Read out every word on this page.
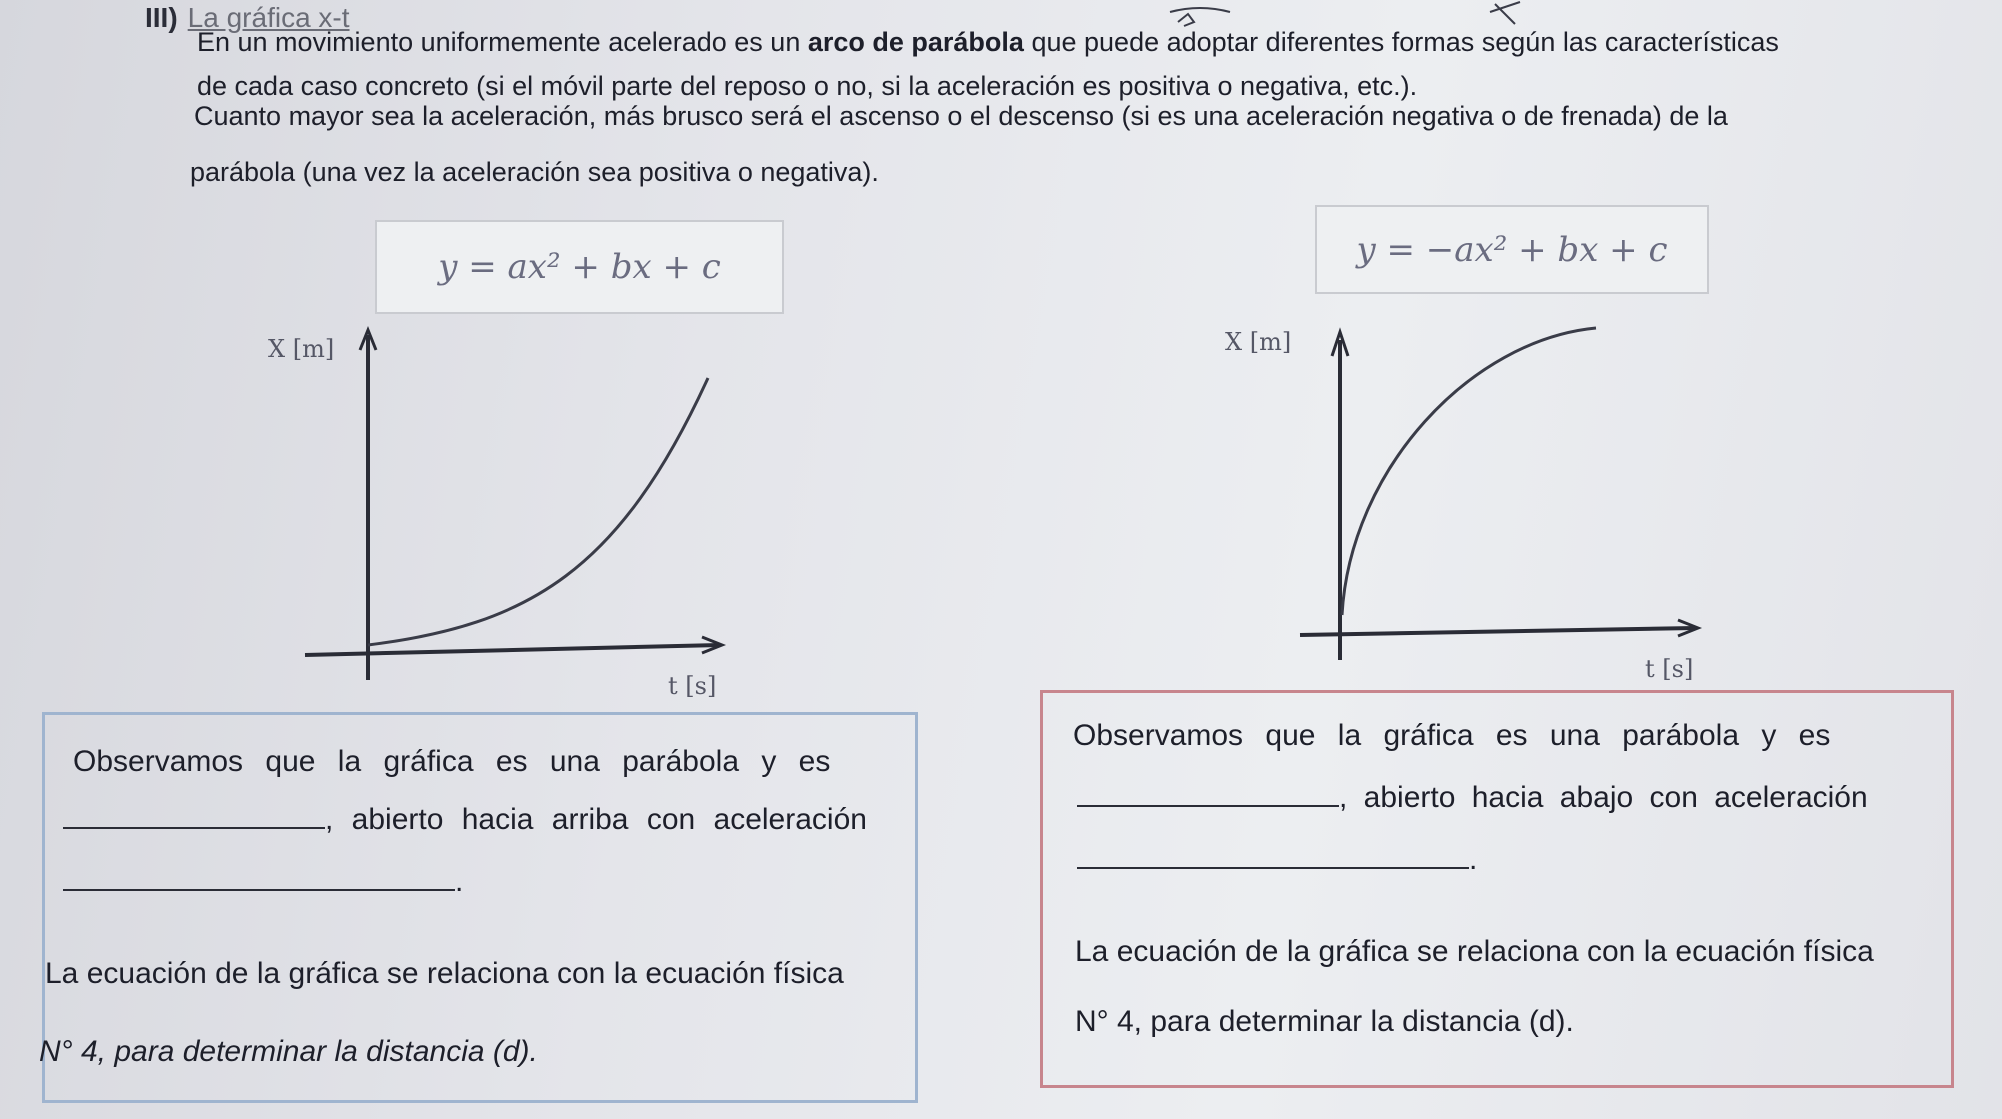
III) La gráfica x-t
En un movimiento uniformemente acelerado es un arco de parábola que puede adoptar diferentes formas según las características
de cada caso concreto (si el móvil parte del reposo o no, si la aceleración es positiva o negativa, etc.).
Cuanto mayor sea la aceleración, más brusco será el ascenso o el descenso (si es una aceleración negativa o de frenada) de la
parábola (una vez la aceleración sea positiva o negativa).
y = ax² + bx + c	y = −ax² + bx + c
X [m]
t [s]
X [m]
t [s]
Observamos que la gráfica es una parábola y es
, abierto hacia arriba con aceleración
.
La ecuación de la gráfica se relaciona con la ecuación física
N° 4, para determinar la distancia (d).
Observamos que la gráfica es una parábola y es
, abierto hacia abajo con aceleración
.
La ecuación de la gráfica se relaciona con la ecuación física
N° 4, para determinar la distancia (d).
